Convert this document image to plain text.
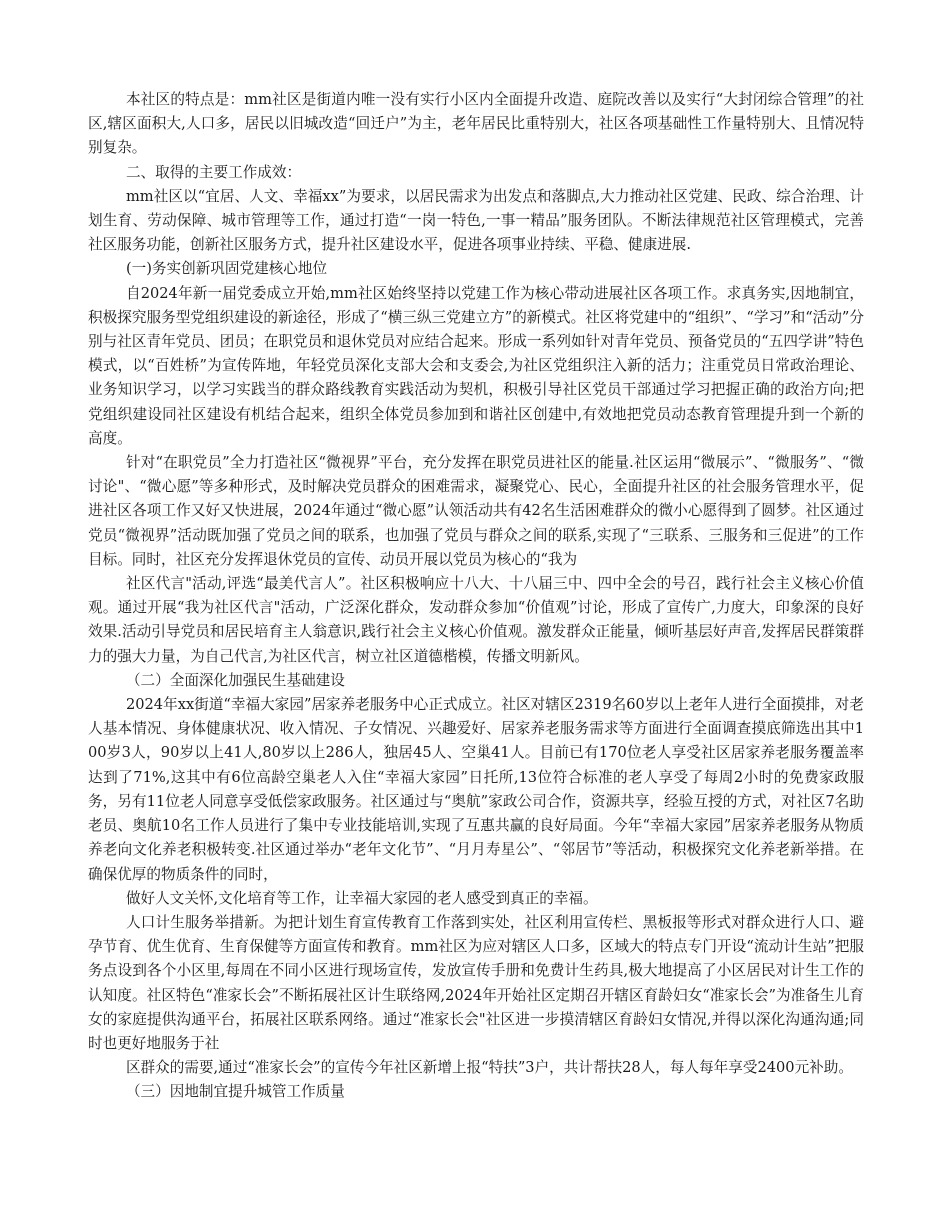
本社区的特点是：mm社区是街道内唯一没有实行小区内全面提升改造、庭院改善以及实行“大封闭综合管理”的社区,辖区面积大,人口多，居民以旧城改造“回迁户”为主，老年居民比重特别大，社区各项基础性工作量特别大、且情况特别复杂。

二、取得的主要工作成效：

mm社区以“宜居、人文、幸福xx”为要求，以居民需求为出发点和落脚点,大力推动社区党建、民政、综合治理、计划生育、劳动保障、城市管理等工作，通过打造“一岗一特色,一事一精品”服务团队。不断法律规范社区管理模式，完善社区服务功能，创新社区服务方式，提升社区建设水平，促进各项事业持续、平稳、健康进展.

(一)务实创新巩固党建核心地位

自2024年新一届党委成立开始,mm社区始终坚持以党建工作为核心带动进展社区各项工作。求真务实,因地制宜，积极探究服务型党组织建设的新途径，形成了“横三纵三党建立方”的新模式。社区将党建中的“组织”、“学习”和“活动”分别与社区青年党员、团员；在职党员和退休党员对应结合起来。形成一系列如针对青年党员、预备党员的“五四学讲”特色模式，以“百姓桥”为宣传阵地，年轻党员深化支部大会和支委会,为社区党组织注入新的活力；注重党员日常政治理论、业务知识学习，以学习实践当的群众路线教育实践活动为契机，积极引导社区党员干部通过学习把握正确的政治方向;把党组织建设同社区建设有机结合起来，组织全体党员参加到和谐社区创建中,有效地把党员动态教育管理提升到一个新的高度。

针对“在职党员”全力打造社区“微视界”平台，充分发挥在职党员进社区的能量.社区运用“微展示”、“微服务”、“微讨论"、“微心愿”等多种形式，及时解决党员群众的困难需求，凝聚党心、民心，全面提升社区的社会服务管理水平，促进社区各项工作又好又快进展，2024年通过“微心愿”认领活动共有42名生活困难群众的微小心愿得到了圆梦。社区通过党员“微视界”活动既加强了党员之间的联系，也加强了党员与群众之间的联系,实现了“三联系、三服务和三促进”的工作目标。同时，社区充分发挥退休党员的宣传、动员开展以党员为核心的“我为

社区代言"活动,评选“最美代言人”。社区积极响应十八大、十八届三中、四中全会的号召，践行社会主义核心价值观。通过开展“我为社区代言"活动，广泛深化群众，发动群众参加“价值观”讨论，形成了宣传广,力度大，印象深的良好效果.活动引导党员和居民培育主人翁意识,践行社会主义核心价值观。激发群众正能量，倾听基层好声音,发挥居民群策群力的强大力量，为自己代言,为社区代言，树立社区道德楷模，传播文明新风。

（二）全面深化加强民生基础建设

2024年xx街道“幸福大家园”居家养老服务中心正式成立。社区对辖区2319名60岁以上老年人进行全面摸排，对老人基本情况、身体健康状况、收入情况、子女情况、兴趣爱好、居家养老服务需求等方面进行全面调查摸底筛选出其中100岁3人，90岁以上41人,80岁以上286人，独居45人、空巢41人。目前已有170位老人享受社区居家养老服务覆盖率达到了71%,这其中有6位高龄空巢老人入住“幸福大家园”日托所,13位符合标准的老人享受了每周2小时的免费家政服务，另有11位老人同意享受低偿家政服务。社区通过与“奥航”家政公司合作，资源共享，经验互授的方式，对社区7名助老员、奥航10名工作人员进行了集中专业技能培训,实现了互惠共赢的良好局面。今年“幸福大家园”居家养老服务从物质养老向文化养老积极转变.社区通过举办“老年文化节”、“月月寿星公”、“邻居节”等活动，积极探究文化养老新举措。在确保优厚的物质条件的同时，

做好人文关怀,文化培育等工作，让幸福大家园的老人感受到真正的幸福。

人口计生服务举措新。为把计划生育宣传教育工作落到实处，社区利用宣传栏、黑板报等形式对群众进行人口、避孕节育、优生优育、生育保健等方面宣传和教育。mm社区为应对辖区人口多，区域大的特点专门开设“流动计生站”把服务点设到各个小区里,每周在不同小区进行现场宣传，发放宣传手册和免费计生药具,极大地提高了小区居民对计生工作的认知度。社区特色“准家长会”不断拓展社区计生联络网,2024年开始社区定期召开辖区育龄妇女“准家长会”为准备生儿育女的家庭提供沟通平台，拓展社区联系网络。通过“准家长会"社区进一步摸清辖区育龄妇女情况,并得以深化沟通沟通;同时也更好地服务于社

区群众的需要,通过“准家长会”的宣传今年社区新增上报“特扶”3户，共计帮扶28人，每人每年享受2400元补助。

（三）因地制宜提升城管工作质量
